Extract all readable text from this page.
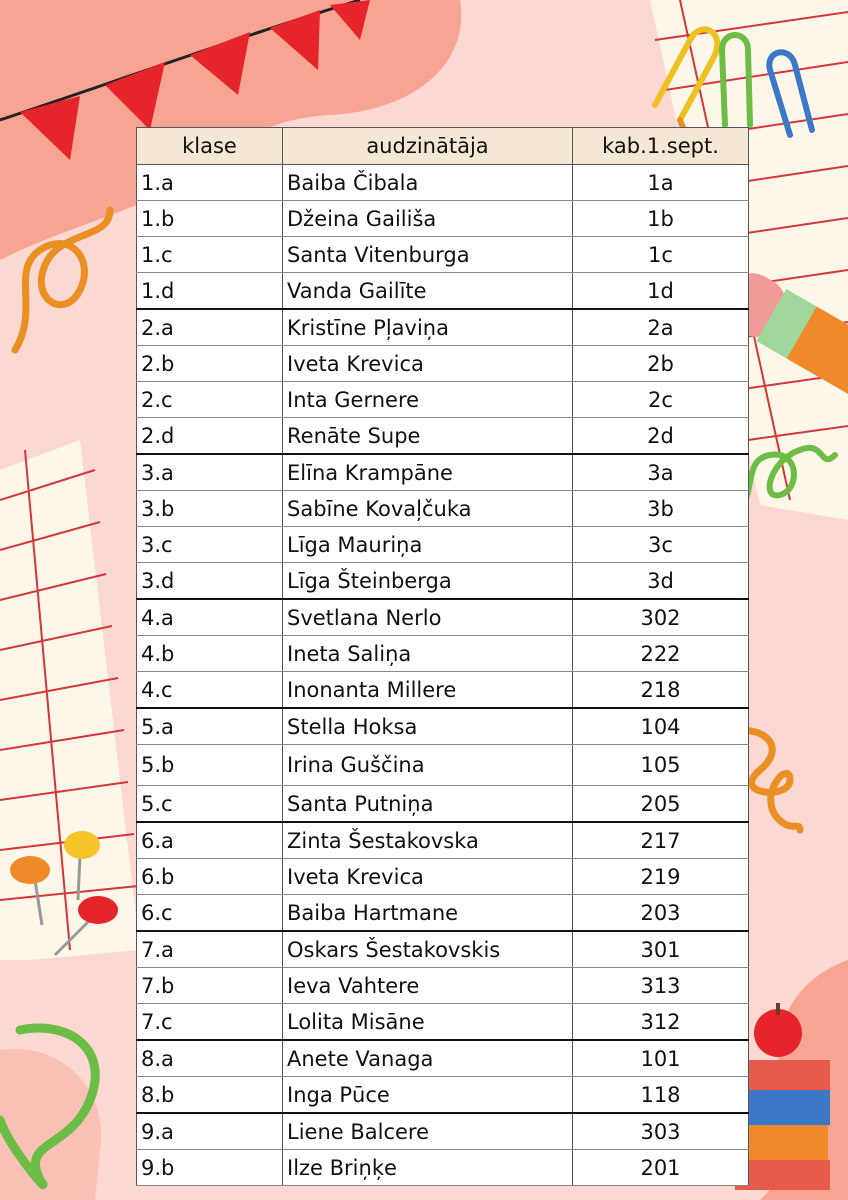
klase	audzinātāja	kab.1.sept.
1.a	Baiba Čibala	1a
1.b	Džeina Gailiša	1b
1.c	Santa Vitenburga	1c
1.d	Vanda Gailīte	1d
2.a	Kristīne Pļaviņa	2a
2.b	Iveta Krevica	2b
2.c	Inta Gernere	2c
2.d	Renāte Supe	2d
3.a	Elīna Krampāne	3a
3.b	Sabīne Kovaļčuka	3b
3.c	Līga Mauriņa	3c
3.d	Līga Šteinberga	3d
4.a	Svetlana Nerlo	302
4.b	Ineta Saliņa	222
4.c	Inonanta Millere	218
5.a	Stella Hoksa	104
5.b	Irina Guščina	105
5.c	Santa Putniņa	205
6.a	Zinta Šestakovska	217
6.b	Iveta Krevica	219
6.c	Baiba Hartmane	203
7.a	Oskars Šestakovskis	301
7.b	Ieva Vahtere	313
7.c	Lolita Misāne	312
8.a	Anete Vanaga	101
8.b	Inga Pūce	118
9.a	Liene Balcere	303
9.b	Ilze Briņķe	201
